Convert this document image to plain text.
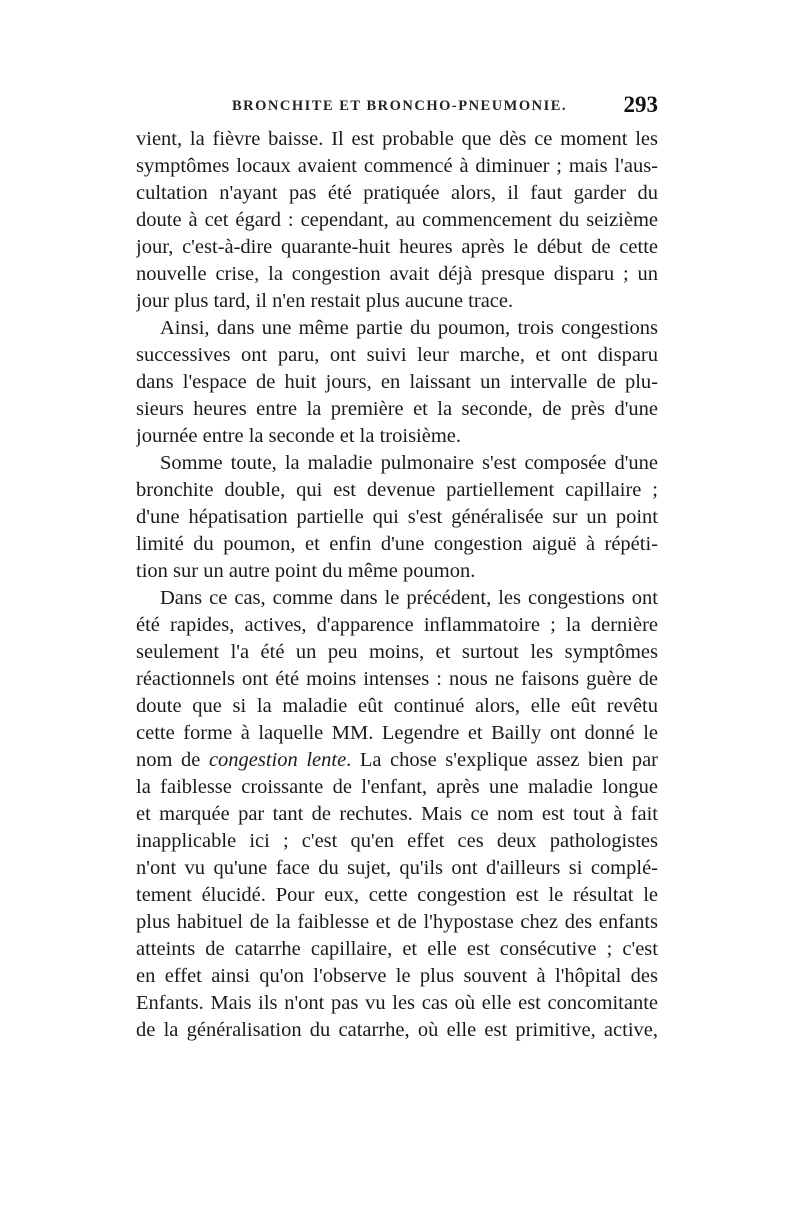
BRONCHITE ET BRONCHO-PNEUMONIE. 293
vient, la fièvre baisse. Il est probable que dès ce moment les
symptômes locaux avaient commencé à diminuer ; mais l'aus-
cultation n'ayant pas été pratiquée alors, il faut garder du
doute à cet égard : cependant, au commencement du seizième
jour, c'est-à-dire quarante-huit heures après le début de cette
nouvelle crise, la congestion avait déjà presque disparu ; un
jour plus tard, il n'en restait plus aucune trace.
Ainsi, dans une même partie du poumon, trois congestions
successives ont paru, ont suivi leur marche, et ont disparu
dans l'espace de huit jours, en laissant un intervalle de plu-
sieurs heures entre la première et la seconde, de près d'une
journée entre la seconde et la troisième.
Somme toute, la maladie pulmonaire s'est composée d'une
bronchite double, qui est devenue partiellement capillaire ;
d'une hépatisation partielle qui s'est généralisée sur un point
limité du poumon, et enfin d'une congestion aiguë à répéti-
tion sur un autre point du même poumon.
Dans ce cas, comme dans le précédent, les congestions ont
été rapides, actives, d'apparence inflammatoire ; la dernière
seulement l'a été un peu moins, et surtout les symptômes
réactionnels ont été moins intenses : nous ne faisons guère de
doute que si la maladie eût continué alors, elle eût revêtu
cette forme à laquelle MM. Legendre et Bailly ont donné le
nom de congestion lente. La chose s'explique assez bien par
la faiblesse croissante de l'enfant, après une maladie longue
et marquée par tant de rechutes. Mais ce nom est tout à fait
inapplicable ici ; c'est qu'en effet ces deux pathologistes
n'ont vu qu'une face du sujet, qu'ils ont d'ailleurs si complé-
tement élucidé. Pour eux, cette congestion est le résultat le
plus habituel de la faiblesse et de l'hypostase chez des enfants
atteints de catarrhe capillaire, et elle est consécutive ; c'est
en effet ainsi qu'on l'observe le plus souvent à l'hôpital des
Enfants. Mais ils n'ont pas vu les cas où elle est concomitante
de la généralisation du catarrhe, où elle est primitive, active,
